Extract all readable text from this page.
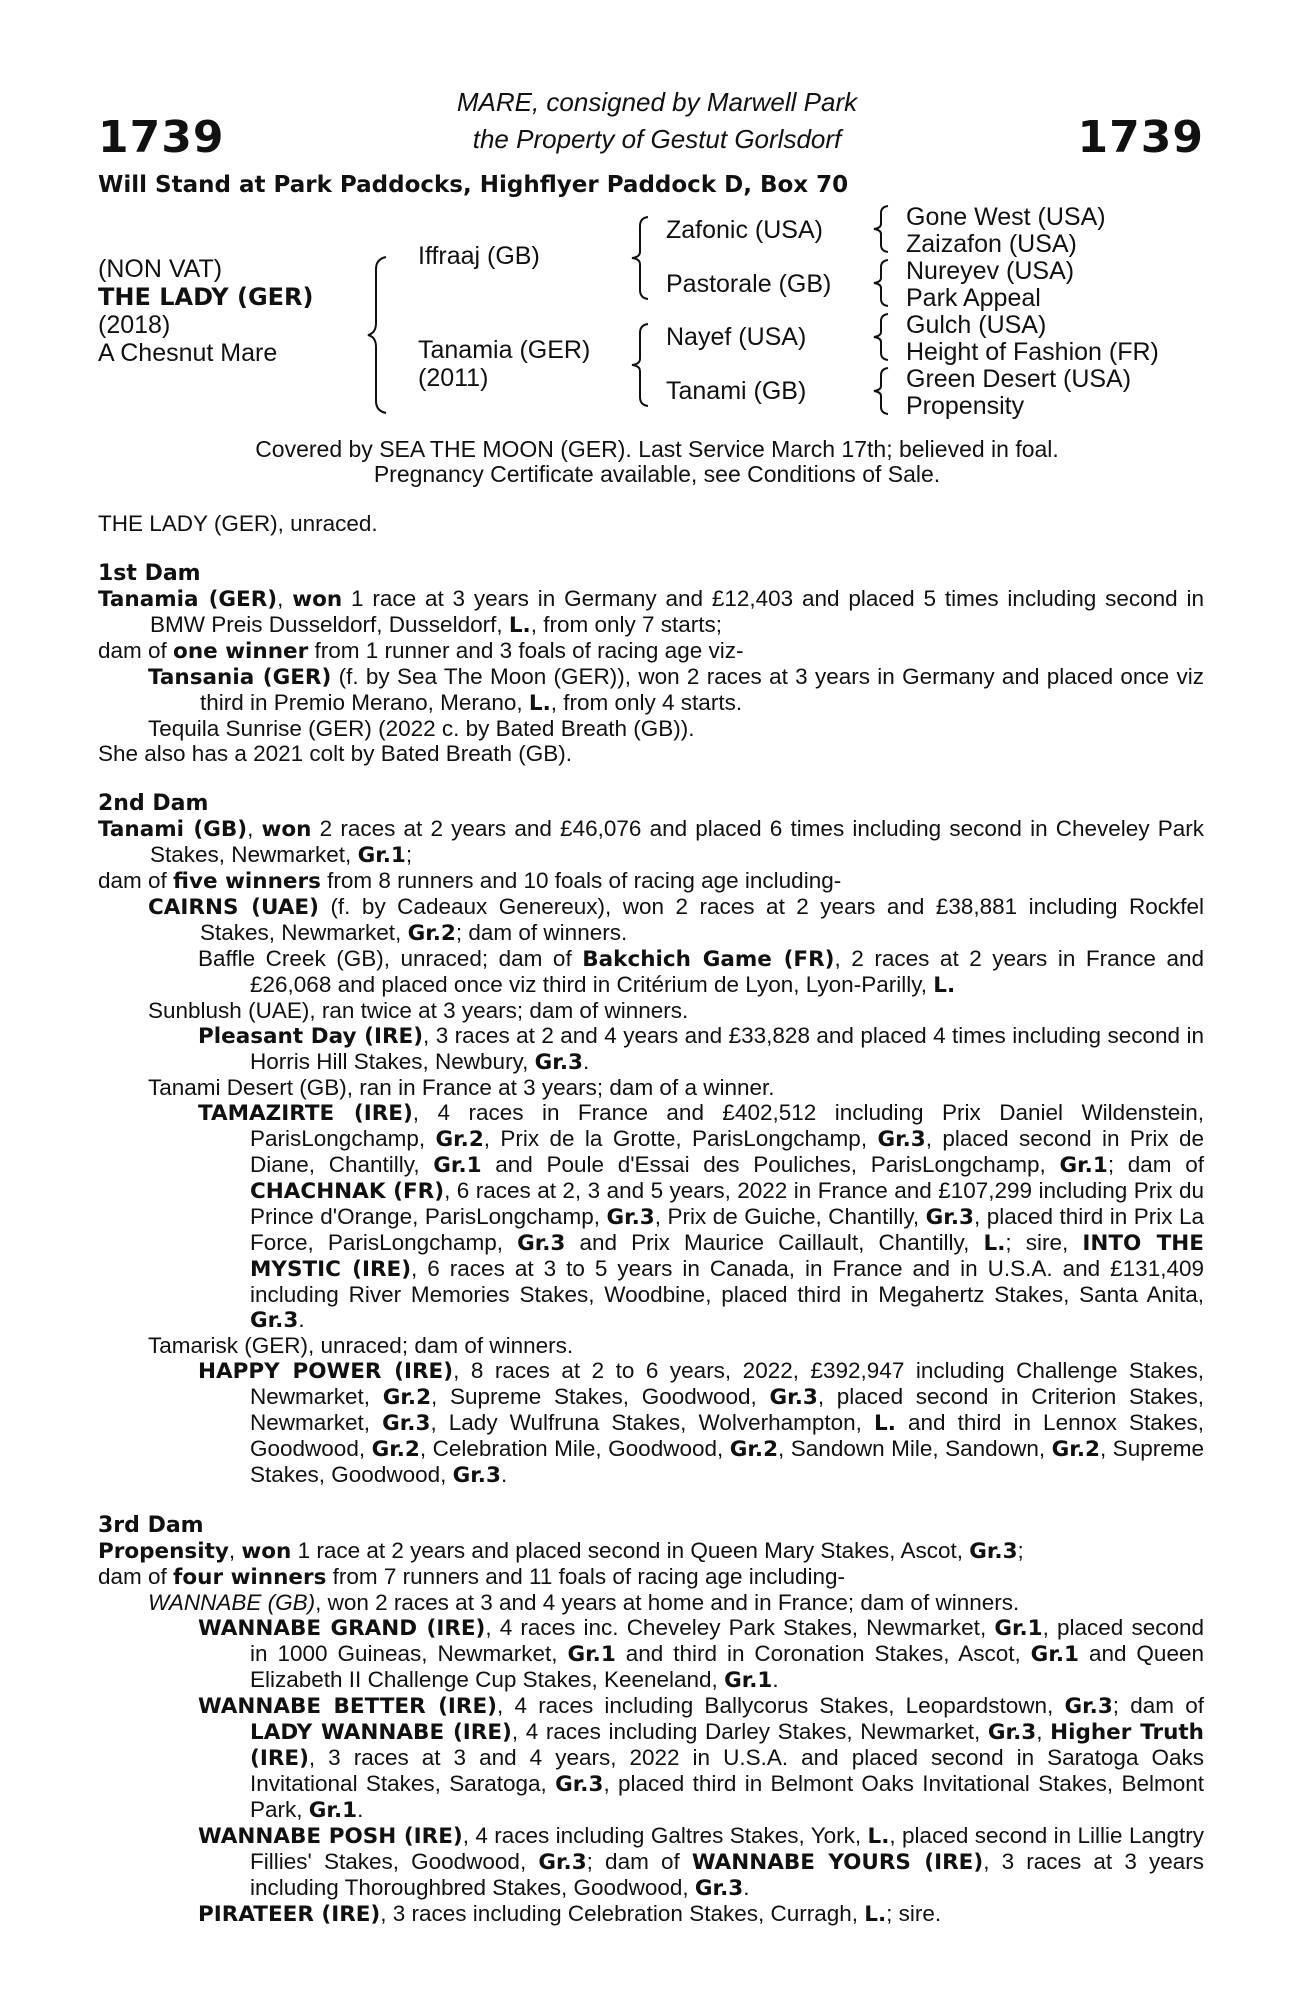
1739	1739
MARE, consigned by Marwell Park
the Property of Gestut Gorlsdorf
Will Stand at Park Paddocks, Highflyer Paddock D, Box 70
(NON VAT)
THE LADY (GER)
(2018)
A Chesnut Mare
Iffraaj (GB)
Tanamia (GER)
(2011)
Zafonic (USA)
Pastorale (GB)
Nayef (USA)
Tanami (GB)
Gone West (USA)
Zaizafon (USA)
Nureyev (USA)
Park Appeal
Gulch (USA)
Height of Fashion (FR)
Green Desert (USA)
Propensity
Covered by SEA THE MOON (GER). Last Service March 17th; believed in foal.
Pregnancy Certificate available, see Conditions of Sale.

THE LADY (GER), unraced.

1st Dam

Tanamia (GER), won 1 race at 3 years in Germany and £12,403 and placed 5 times including second in BMW Preis Dusseldorf, Dusseldorf, L., from only 7 starts;

dam of one winner from 1 runner and 3 foals of racing age viz-

Tansania (GER) (f. by Sea The Moon (GER)), won 2 races at 3 years in Germany and placed once viz third in Premio Merano, Merano, L., from only 4 starts.

Tequila Sunrise (GER) (2022 c. by Bated Breath (GB)).

She also has a 2021 colt by Bated Breath (GB).

2nd Dam

Tanami (GB), won 2 races at 2 years and £46,076 and placed 6 times including second in Cheveley Park Stakes, Newmarket, Gr.1;

dam of five winners from 8 runners and 10 foals of racing age including-

CAIRNS (UAE) (f. by Cadeaux Genereux), won 2 races at 2 years and £38,881 including Rockfel Stakes, Newmarket, Gr.2; dam of winners.

Baffle Creek (GB), unraced; dam of Bakchich Game (FR), 2 races at 2 years in France and £26,068 and placed once viz third in Critérium de Lyon, Lyon-Parilly, L.

Sunblush (UAE), ran twice at 3 years; dam of winners.

Pleasant Day (IRE), 3 races at 2 and 4 years and £33,828 and placed 4 times including second in Horris Hill Stakes, Newbury, Gr.3.

Tanami Desert (GB), ran in France at 3 years; dam of a winner.

TAMAZIRTE (IRE), 4 races in France and £402,512 including Prix Daniel Wildenstein, ParisLongchamp, Gr.2, Prix de la Grotte, ParisLongchamp, Gr.3, placed second in Prix de Diane, Chantilly, Gr.1 and Poule d'Essai des Pouliches, ParisLongchamp, Gr.1; dam of CHACHNAK (FR), 6 races at 2, 3 and 5 years, 2022 in France and £107,299 including Prix du Prince d'Orange, ParisLongchamp, Gr.3, Prix de Guiche, Chantilly, Gr.3, placed third in Prix La Force, ParisLongchamp, Gr.3 and Prix Maurice Caillault, Chantilly, L.; sire, INTO THE MYSTIC (IRE), 6 races at 3 to 5 years in Canada, in France and in U.S.A. and £131,409 including River Memories Stakes, Woodbine, placed third in Megahertz Stakes, Santa Anita, Gr.3.

Tamarisk (GER), unraced; dam of winners.

HAPPY POWER (IRE), 8 races at 2 to 6 years, 2022, £392,947 including Challenge Stakes, Newmarket, Gr.2, Supreme Stakes, Goodwood, Gr.3, placed second in Criterion Stakes, Newmarket, Gr.3, Lady Wulfruna Stakes, Wolverhampton, L. and third in Lennox Stakes, Goodwood, Gr.2, Celebration Mile, Goodwood, Gr.2, Sandown Mile, Sandown, Gr.2, Supreme Stakes, Goodwood, Gr.3.

3rd Dam

Propensity, won 1 race at 2 years and placed second in Queen Mary Stakes, Ascot, Gr.3;

dam of four winners from 7 runners and 11 foals of racing age including-

WANNABE (GB), won 2 races at 3 and 4 years at home and in France; dam of winners.

WANNABE GRAND (IRE), 4 races inc. Cheveley Park Stakes, Newmarket, Gr.1, placed second in 1000 Guineas, Newmarket, Gr.1 and third in Coronation Stakes, Ascot, Gr.1 and Queen Elizabeth II Challenge Cup Stakes, Keeneland, Gr.1.

WANNABE BETTER (IRE), 4 races including Ballycorus Stakes, Leopardstown, Gr.3; dam of LADY WANNABE (IRE), 4 races including Darley Stakes, Newmarket, Gr.3, Higher Truth (IRE), 3 races at 3 and 4 years, 2022 in U.S.A. and placed second in Saratoga Oaks Invitational Stakes, Saratoga, Gr.3, placed third in Belmont Oaks Invitational Stakes, Belmont Park, Gr.1.

WANNABE POSH (IRE), 4 races including Galtres Stakes, York, L., placed second in Lillie Langtry Fillies' Stakes, Goodwood, Gr.3; dam of WANNABE YOURS (IRE), 3 races at 3 years including Thoroughbred Stakes, Goodwood, Gr.3.

PIRATEER (IRE), 3 races including Celebration Stakes, Curragh, L.; sire.
